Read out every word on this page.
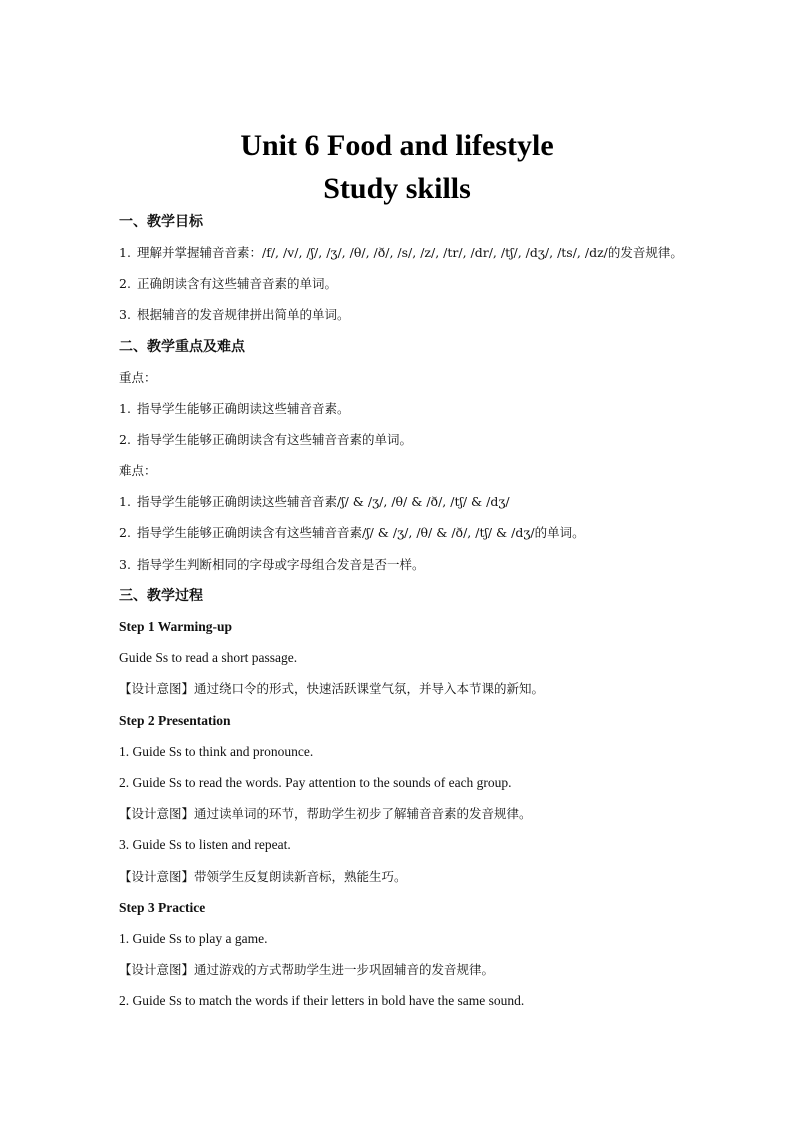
Unit 6 Food and lifestyle
Study skills
一、教学目标
1. 理解并掌握辅音音素：/f/, /v/, /ʃ/, /ʒ/, /θ/, /ð/, /s/, /z/, /tr/, /dr/, /tʃ/, /dʒ/, /ts/, /dz/的发音规律。
2. 正确朗读含有这些辅音音素的单词。
3. 根据辅音的发音规律拼出简单的单词。
二、教学重点及难点
重点：
1. 指导学生能够正确朗读这些辅音音素。
2. 指导学生能够正确朗读含有这些辅音音素的单词。
难点：
1. 指导学生能够正确朗读这些辅音音素/ʃ/ & /ʒ/, /θ/ & /ð/, /tʃ/ & /dʒ/
2. 指导学生能够正确朗读含有这些辅音音素/ʃ/ & /ʒ/, /θ/ & /ð/, /tʃ/ & /dʒ/的单词。
3. 指导学生判断相同的字母或字母组合发音是否一样。
三、教学过程
Step 1 Warming-up
Guide Ss to read a short passage.
【设计意图】通过绕口令的形式，快速活跃课堂气氛，并导入本节课的新知。
Step 2 Presentation
1. Guide Ss to think and pronounce.
2. Guide Ss to read the words. Pay attention to the sounds of each group.
【设计意图】通过读单词的环节，帮助学生初步了解辅音音素的发音规律。
3. Guide Ss to listen and repeat.
【设计意图】带领学生反复朗读新音标，熟能生巧。
Step 3 Practice
1. Guide Ss to play a game.
【设计意图】通过游戏的方式帮助学生进一步巩固辅音的发音规律。
2. Guide Ss to match the words if their letters in bold have the same sound.
